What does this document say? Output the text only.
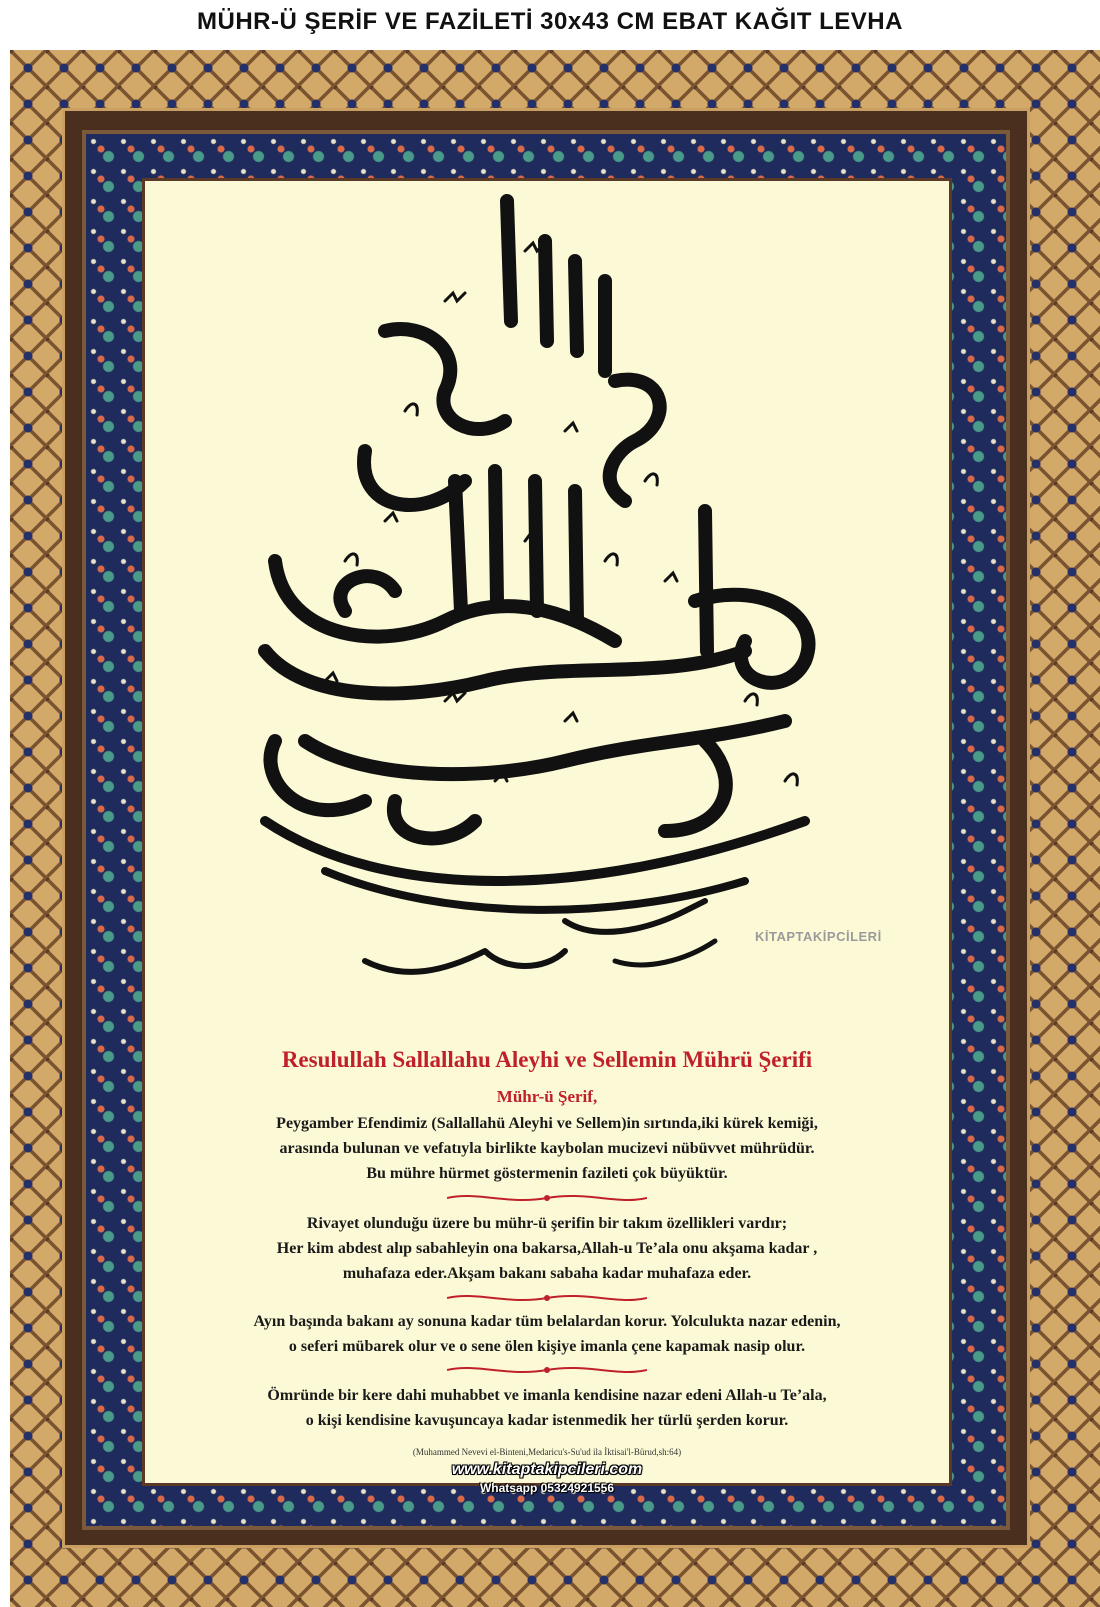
MÜHR-Ü ŞERİF VE FAZİLETİ 30x43 CM EBAT KAĞIT LEVHA
KİTAPTAKİPCİLERİ
Resulullah Sallallahu Aleyhi ve Sellemin Mührü Şerifi
Mühr-ü Şerif,
Peygamber Efendimiz (Sallallahü Aleyhi ve Sellem)in sırtında,iki kürek kemiği,
arasında bulunan ve vefatıyla birlikte kaybolan mucizevi nübüvvet mührüdür.
Bu mühre hürmet göstermenin fazileti çok büyüktür.
Rivayet olunduğu üzere bu mühr-ü şerifin bir takım özellikleri vardır;
Her kim abdest alıp sabahleyin ona bakarsa,Allah-u Te’ala onu akşama kadar ,
muhafaza eder.Akşam bakanı sabaha kadar muhafaza eder.
Ayın başında bakanı ay sonuna kadar tüm belalardan korur. Yolculukta nazar edenin,
o seferi mübarek olur ve o sene ölen kişiye imanla çene kapamak nasip olur.
Ömründe bir kere dahi muhabbet ve imanla kendisine nazar edeni Allah-u Te’ala,
o kişi kendisine kavuşuncaya kadar istenmedik her türlü şerden korur.
(Muhammed Nevevi el-Binteni,Medaricu's-Su'ud ila İktisai'l-Bürud,sh:64)
www.kitaptakipcileri.com
Whatsapp 05324921556
